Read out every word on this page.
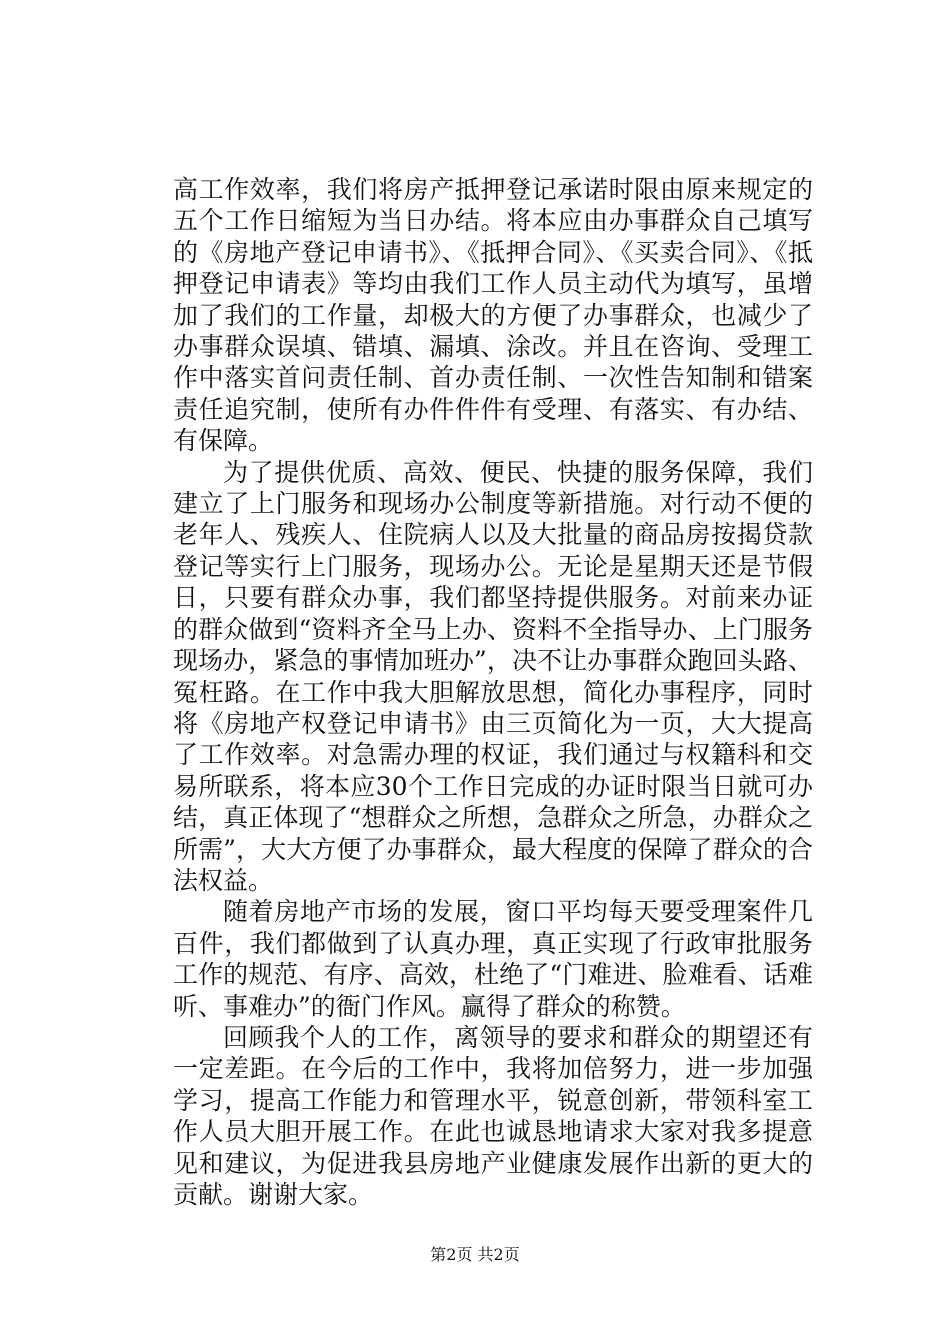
高工作效率，我们将房产抵押登记承诺时限由原来规定的五个工作日缩短为当日办结。将本应由办事群众自己填写的《房地产登记申请书》、《抵押合同》、《买卖合同》、《抵押登记申请表》等均由我们工作人员主动代为填写，虽增加了我们的工作量，却极大的方便了办事群众，也减少了办事群众误填、错填、漏填、涂改。并且在咨询、受理工作中落实首问责任制、首办责任制、一次性告知制和错案责任追究制，使所有办件件件有受理、有落实、有办结、有保障。

为了提供优质、高效、便民、快捷的服务保障，我们建立了上门服务和现场办公制度等新措施。对行动不便的老年人、残疾人、住院病人以及大批量的商品房按揭贷款登记等实行上门服务，现场办公。无论是星期天还是节假日，只要有群众办事，我们都坚持提供服务。对前来办证的群众做到“资料齐全马上办、资料不全指导办、上门服务现场办，紧急的事情加班办”，决不让办事群众跑回头路、冤枉路。在工作中我大胆解放思想，简化办事程序，同时将《房地产权登记申请书》由三页简化为一页，大大提高了工作效率。对急需办理的权证，我们通过与权籍科和交易所联系，将本应30个工作日完成的办证时限当日就可办结，真正体现了“想群众之所想，急群众之所急，办群众之所需”，大大方便了办事群众，最大程度的保障了群众的合法权益。

随着房地产市场的发展，窗口平均每天要受理案件几百件，我们都做到了认真办理，真正实现了行政审批服务工作的规范、有序、高效，杜绝了“门难进、脸难看、话难听、事难办”的衙门作风。赢得了群众的称赞。

回顾我个人的工作，离领导的要求和群众的期望还有一定差距。在今后的工作中，我将加倍努力，进一步加强学习，提高工作能力和管理水平，锐意创新，带领科室工作人员大胆开展工作。在此也诚恳地请求大家对我多提意见和建议，为促进我县房地产业健康发展作出新的更大的贡献。谢谢大家。

第2页 共2页
